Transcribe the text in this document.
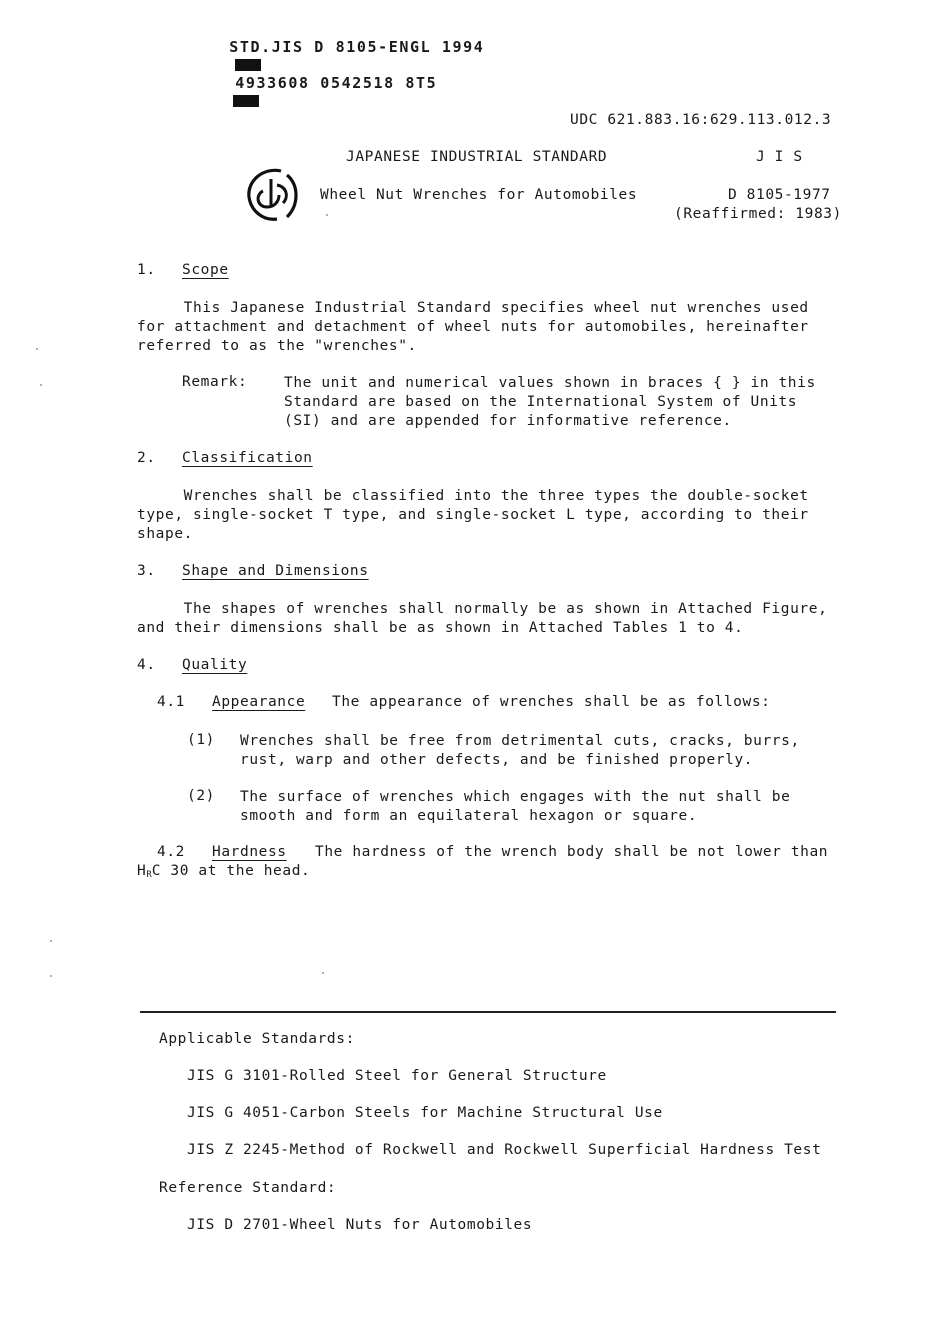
STD.JIS D 8105-ENGL 1994

4933608 0542518 8T5

UDC 621.883.16:629.113.012.3

JAPANESE INDUSTRIAL STANDARD	J I S
Wheel Nut Wrenches for Automobiles	D 8105-1977
(Reaffirmed: 1983)
1. Scope
This Japanese Industrial Standard specifies wheel nut wrenches used
for attachment and detachment of wheel nuts for automobiles, hereinafter
referred to as the "wrenches".
Remark:	The unit and numerical values shown in braces { } in this
Standard are based on the International System of Units
(SI) and are appended for informative reference.
2. Classification
Wrenches shall be classified into the three types the double-socket
type, single-socket T type, and single-socket L type, according to their
shape.
3. Shape and Dimensions
The shapes of wrenches shall normally be as shown in Attached Figure,
and their dimensions shall be as shown in Attached Tables 1 to 4.
4. Quality
4.1 Appearance The appearance of wrenches shall be as follows:
(1) Wrenches shall be free from detrimental cuts, cracks, burrs,
rust, warp and other defects, and be finished properly.
(2) The surface of wrenches which engages with the nut shall be
smooth and form an equilateral hexagon or square.
4.2 Hardness The hardness of the wrench body shall be not lower than
$H_RC$ 30 at the head.
Applicable Standards:
JIS G 3101-Rolled Steel for General Structure
JIS G 4051-Carbon Steels for Machine Structural Use
JIS Z 2245-Method of Rockwell and Rockwell Superficial Hardness Test
Reference Standard:
JIS D 2701-Wheel Nuts for Automobiles
